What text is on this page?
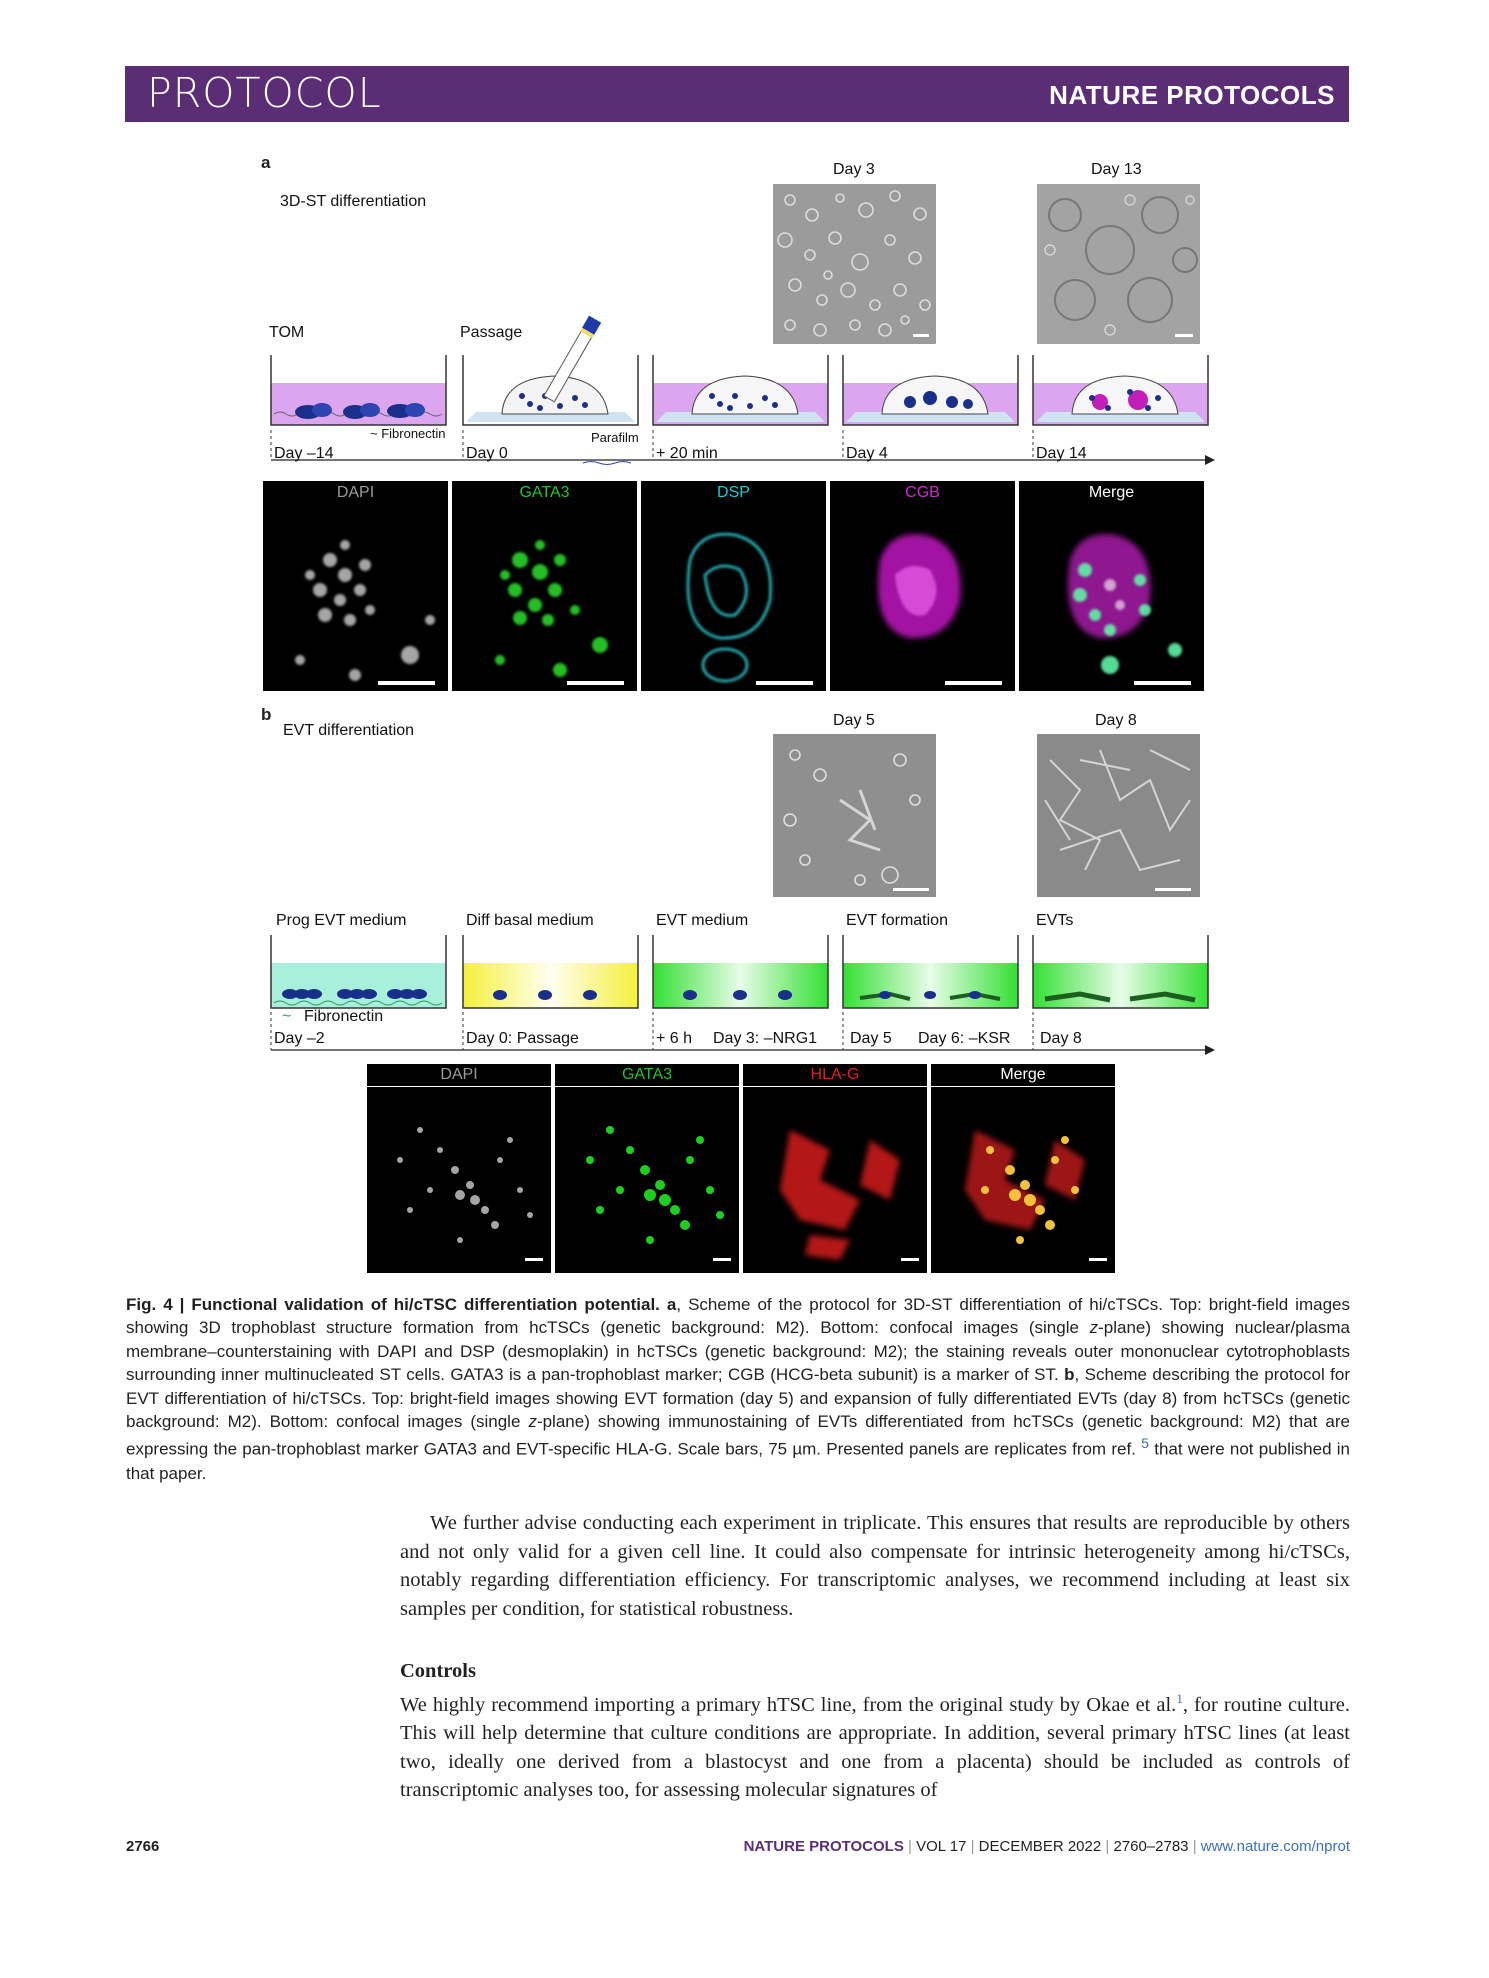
PROTOCOL	NATURE PROTOCOLS
a
3D-ST differentiation
Day 3	Day 13
TOM	Passage
~ Fibronectin	Parafilm
Day –14	Day 0	+ 20 min	Day 4	Day 14
DAPI	GATA3	DSP	CGB	Merge
b
EVT differentiation
Day 5	Day 8
Prog EVT medium	Diff basal medium	EVT medium	EVT formation	EVTs
~ Fibronectin
Day –2	Day 0: Passage	+ 6 h Day 3: –NRG1 Day 5 Day 6: –KSR Day 8
DAPI	GATA3	HLA-G	Merge
Fig. 4 | Functional validation of hi/cTSC differentiation potential. a, Scheme of the protocol for 3D-ST differentiation of hi/cTSCs. Top: bright-field images showing 3D trophoblast structure formation from hcTSCs (genetic background: M2). Bottom: confocal images (single z-plane) showing nuclear/plasma membrane–counterstaining with DAPI and DSP (desmoplakin) in hcTSCs (genetic background: M2); the staining reveals outer mononuclear cytotrophoblasts surrounding inner multinucleated ST cells. GATA3 is a pan-trophoblast marker; CGB (HCG-beta subunit) is a marker of ST. b, Scheme describing the protocol for EVT differentiation of hi/cTSCs. Top: bright-field images showing EVT formation (day 5) and expansion of fully differentiated EVTs (day 8) from hcTSCs (genetic background: M2). Bottom: confocal images (single z-plane) showing immunostaining of EVTs differentiated from hcTSCs (genetic background: M2) that are expressing the pan-trophoblast marker GATA3 and EVT-specific HLA-G. Scale bars, 75 µm. Presented panels are replicates from ref. $^5$ that were not published in that paper.
We further advise conducting each experiment in triplicate. This ensures that results are reproducible by others and not only valid for a given cell line. It could also compensate for intrinsic heterogeneity among hi/cTSCs, notably regarding differentiation efficiency. For transcriptomic analyses, we recommend including at least six samples per condition, for statistical robustness.
Controls
We highly recommend importing a primary hTSC line, from the original study by Okae et al.$^1$, for routine culture. This will help determine that culture conditions are appropriate. In addition, several primary hTSC lines (at least two, ideally one derived from a blastocyst and one from a placenta) should be included as controls of transcriptomic analyses too, for assessing molecular signatures of
2766	NATURE PROTOCOLS | VOL 17 | DECEMBER 2022 | 2760–2783 | www.nature.com/nprot
